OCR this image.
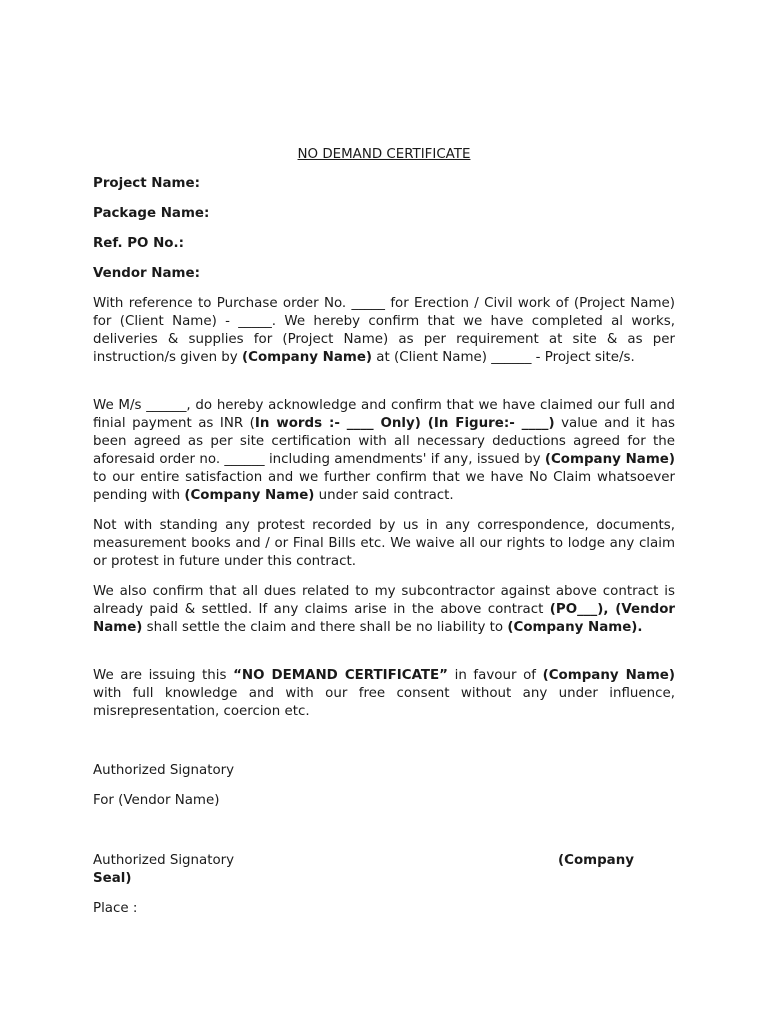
NO DEMAND CERTIFICATE
Project Name:
Package Name:
Ref. PO No.:
Vendor Name:

With reference to Purchase order No. _____ for Erection / Civil work of (Project Name) for (Client Name) - _____. We hereby confirm that we have completed al works, deliveries & supplies for (Project Name) as per requirement at site & as per instruction/s given by (Company Name) at (Client Name) ______ - Project site/s.

We M/s ______, do hereby acknowledge and confirm that we have claimed our full and finial payment as INR (In words :- ____ Only) (In Figure:- ____) value and it has been agreed as per site certification with all necessary deductions agreed for the aforesaid order no. ______ including amendments' if any, issued by (Company Name) to our entire satisfaction and we further confirm that we have No Claim whatsoever pending with (Company Name) under said contract.

Not with standing any protest recorded by us in any correspondence, documents, measurement books and / or Final Bills etc. We waive all our rights to lodge any claim or protest in future under this contract.

We also confirm that all dues related to my subcontractor against above contract is already paid & settled. If any claims arise in the above contract (PO___), (Vendor Name) shall settle the claim and there shall be no liability to (Company Name).

We are issuing this “NO DEMAND CERTIFICATE” in favour of (Company Name) with full knowledge and with our free consent without any under influence, misrepresentation, coercion etc.

Authorized Signatory
For (Vendor Name)
Authorized Signatory	(Company
Seal)
Place :
